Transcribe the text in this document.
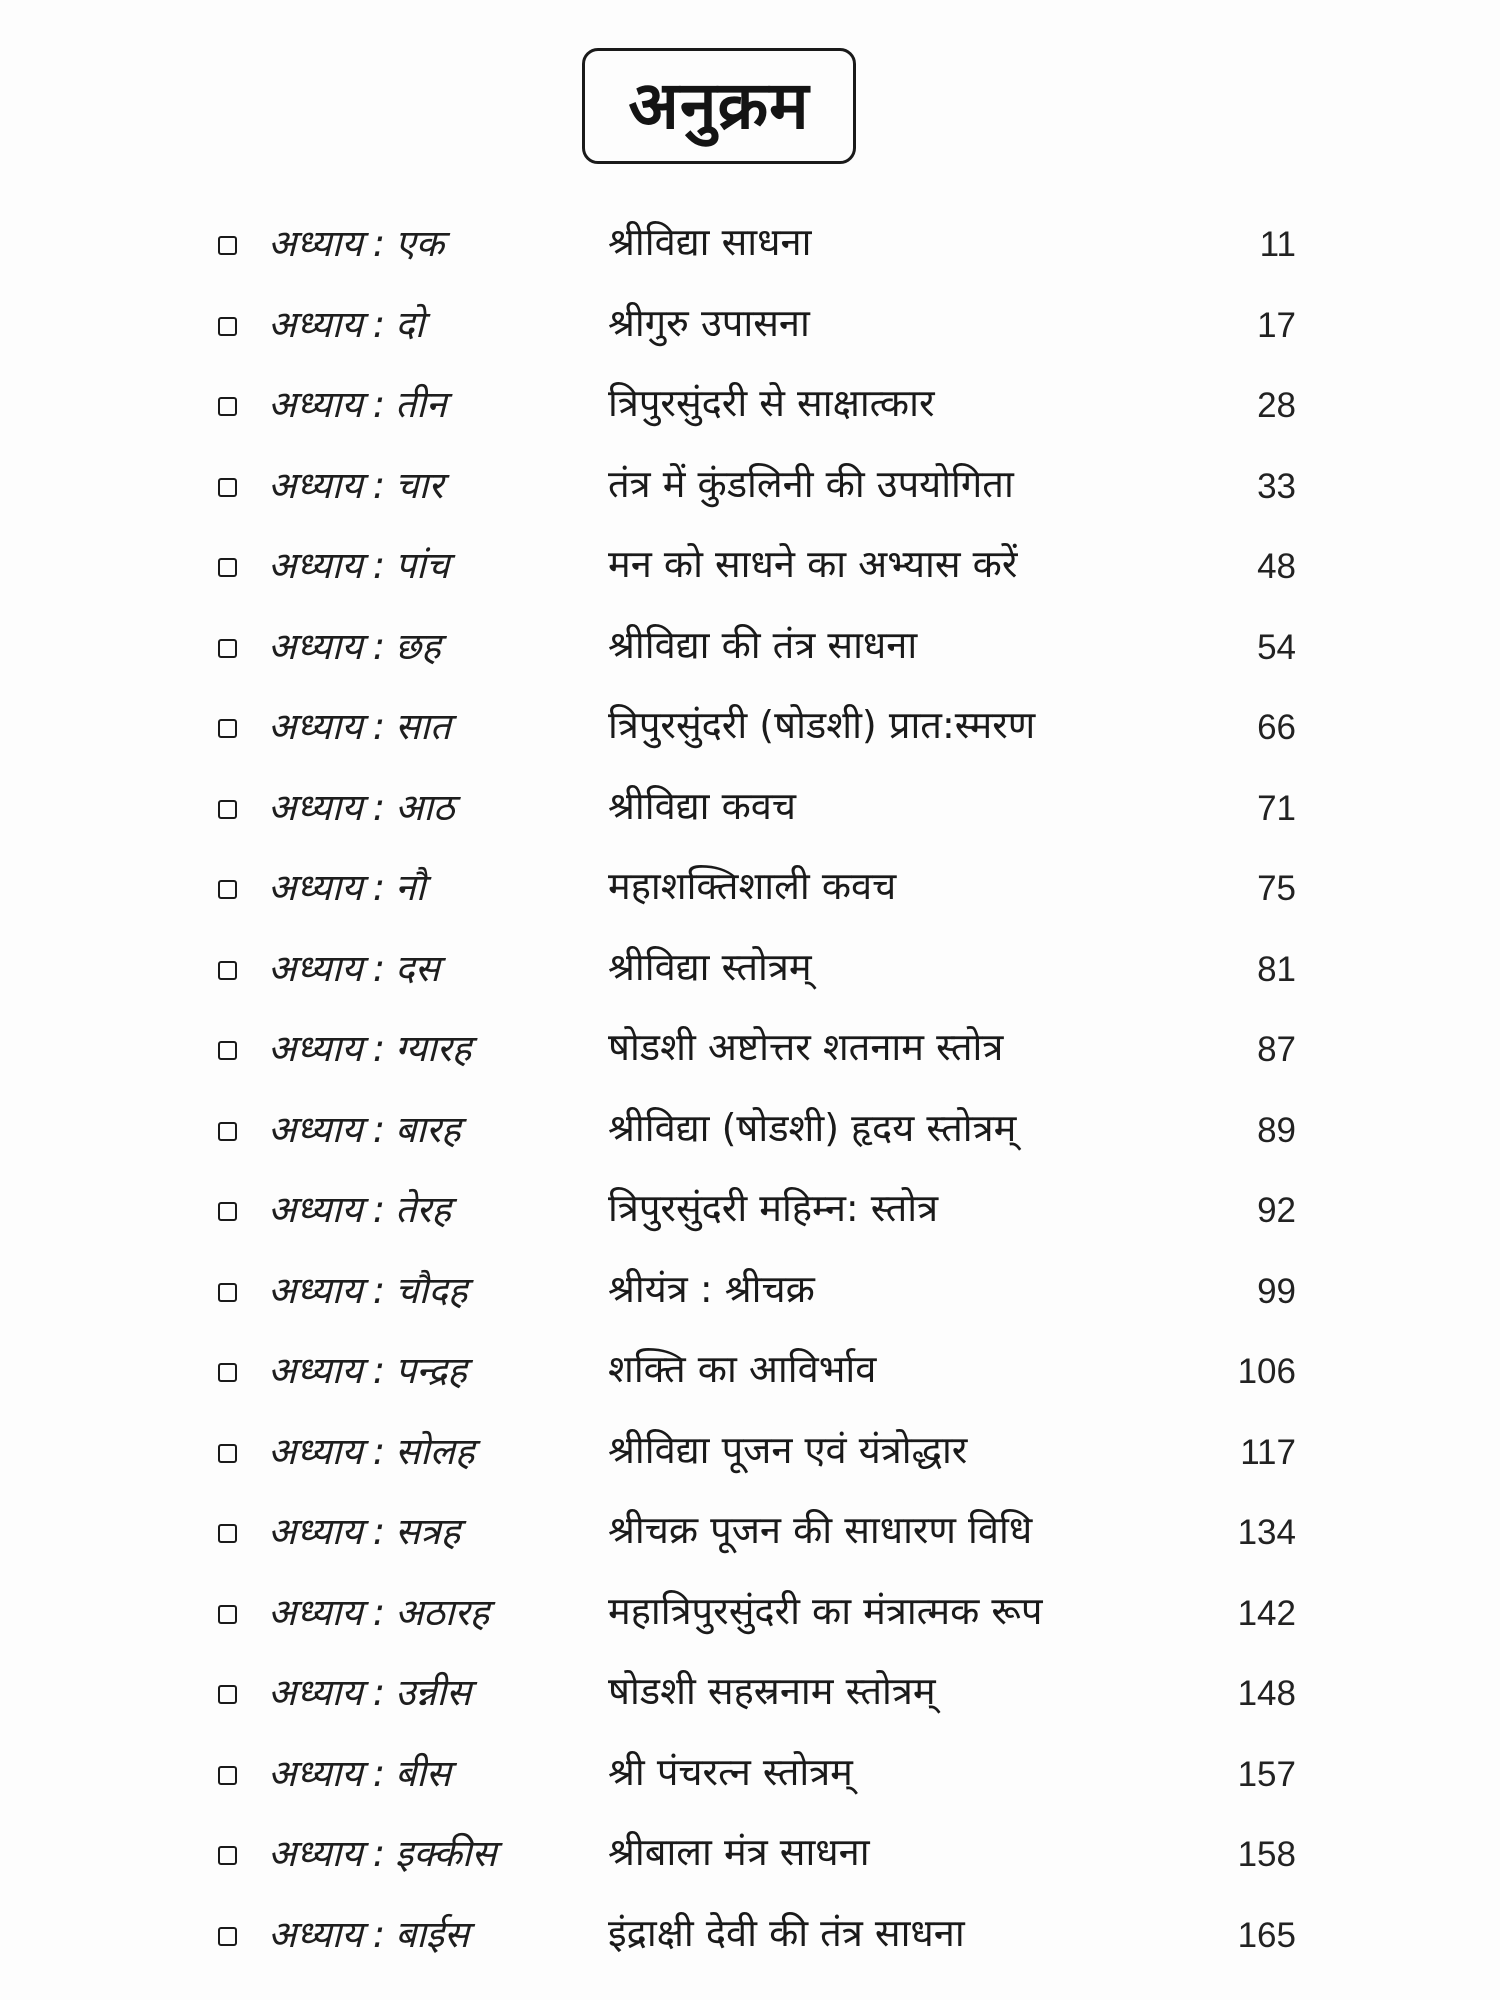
अनुक्रम
अध्याय : एक	श्रीविद्या साधना	11
अध्याय : दो	श्रीगुरु उपासना	17
अध्याय : तीन	त्रिपुरसुंदरी से साक्षात्कार	28
अध्याय : चार	तंत्र में कुंडलिनी की उपयोगिता	33
अध्याय : पांच	मन को साधने का अभ्यास करें	48
अध्याय : छह	श्रीविद्या की तंत्र साधना	54
अध्याय : सात	त्रिपुरसुंदरी (षोडशी) प्रात:स्मरण	66
अध्याय : आठ	श्रीविद्या कवच	71
अध्याय : नौ	महाशक्तिशाली कवच	75
अध्याय : दस	श्रीविद्या स्तोत्रम्	81
अध्याय : ग्यारह	षोडशी अष्टोत्तर शतनाम स्तोत्र	87
अध्याय : बारह	श्रीविद्या (षोडशी) हृदय स्तोत्रम्	89
अध्याय : तेरह	त्रिपुरसुंदरी महिम्न: स्तोत्र	92
अध्याय : चौदह	श्रीयंत्र : श्रीचक्र	99
अध्याय : पन्द्रह	शक्ति का आविर्भाव	106
अध्याय : सोलह	श्रीविद्या पूजन एवं यंत्रोद्धार	117
अध्याय : सत्रह	श्रीचक्र पूजन की साधारण विधि	134
अध्याय : अठारह	महात्रिपुरसुंदरी का मंत्रात्मक रूप	142
अध्याय : उन्नीस	षोडशी सहस्रनाम स्तोत्रम्	148
अध्याय : बीस	श्री पंचरत्न स्तोत्रम्	157
अध्याय : इक्कीस	श्रीबाला मंत्र साधना	158
अध्याय : बाईस	इंद्राक्षी देवी की तंत्र साधना	165
